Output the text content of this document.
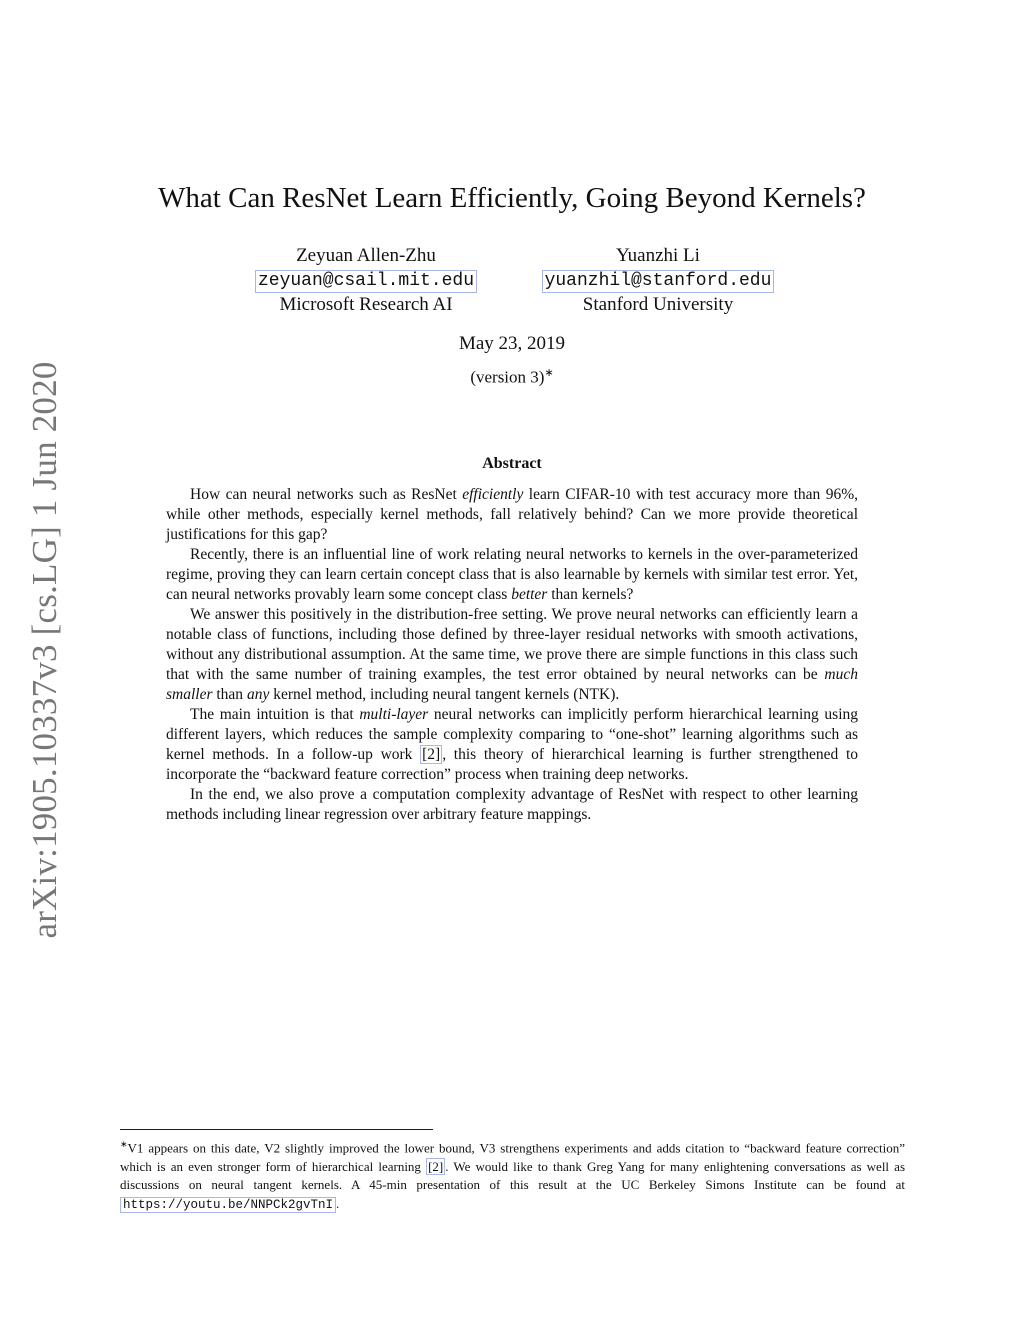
arXiv:1905.10337v3 [cs.LG] 1 Jun 2020
What Can ResNet Learn Efficiently, Going Beyond Kernels?
Zeyuan Allen-Zhu
zeyuan@csail.mit.edu
Microsoft Research AI
Yuanzhi Li
yuanzhil@stanford.edu
Stanford University
May 23, 2019
(version 3)∗
Abstract

How can neural networks such as ResNet efficiently learn CIFAR-10 with test accuracy more than 96%, while other methods, especially kernel methods, fall relatively behind? Can we more provide theoretical justifications for this gap?

Recently, there is an influential line of work relating neural networks to kernels in the over-parameterized regime, proving they can learn certain concept class that is also learnable by kernels with similar test error. Yet, can neural networks provably learn some concept class better than kernels?

We answer this positively in the distribution-free setting. We prove neural networks can efficiently learn a notable class of functions, including those defined by three-layer residual networks with smooth activations, without any distributional assumption. At the same time, we prove there are simple functions in this class such that with the same number of training examples, the test error obtained by neural networks can be much smaller than any kernel method, including neural tangent kernels (NTK).

The main intuition is that multi-layer neural networks can implicitly perform hierarchical learning using different layers, which reduces the sample complexity comparing to “one-shot” learning algorithms such as kernel methods. In a follow-up work [2] , this theory of hierarchical learning is further strengthened to incorporate the “backward feature correction” process when training deep networks.

In the end, we also prove a computation complexity advantage of ResNet with respect to other learning methods including linear regression over arbitrary feature mappings.

∗V1 appears on this date, V2 slightly improved the lower bound, V3 strengthens experiments and adds citation to “backward feature correction” which is an even stronger form of hierarchical learning [2] . We would like to thank Greg Yang for many enlightening conversations as well as discussions on neural tangent kernels. A 45-min presentation of this result at the UC Berkeley Simons Institute can be found at https://youtu.be/NNPCk2gvTnI .
